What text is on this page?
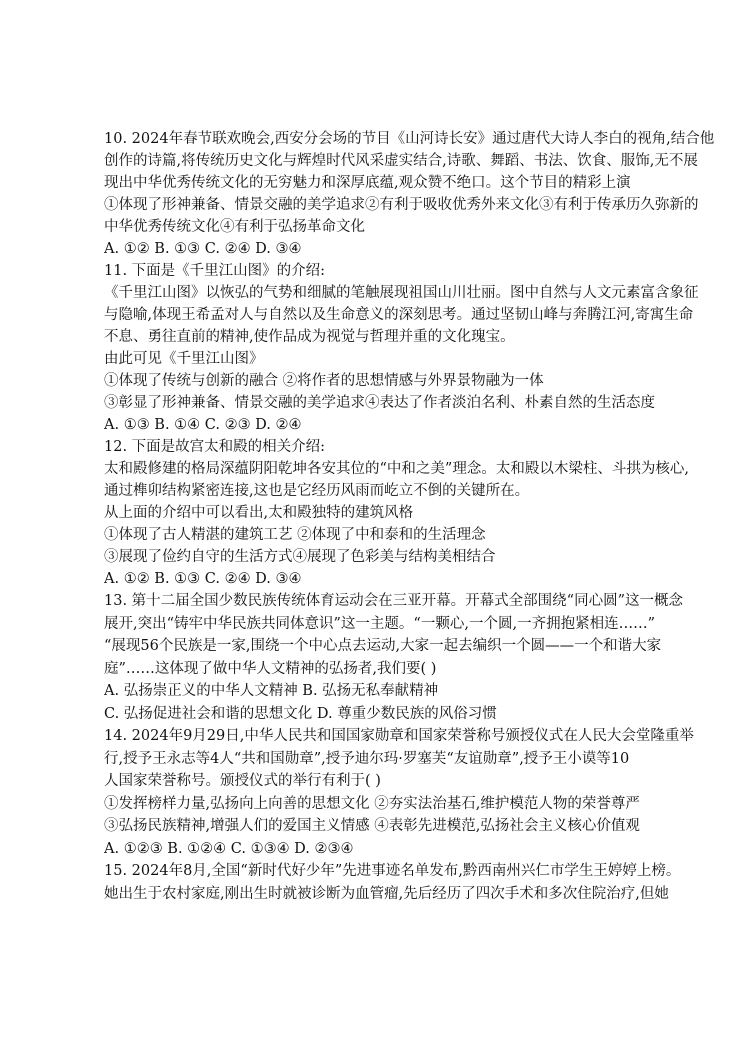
10. 2024年春节联欢晚会,西安分会场的节目《山河诗长安》通过唐代大诗人李白的视角,结合他
创作的诗篇,将传统历史文化与辉煌时代风采虚实结合,诗歌、舞蹈、书法、饮食、服饰,无不展
现出中华优秀传统文化的无穷魅力和深厚底蕴,观众赞不绝口。这个节目的精彩上演
①体现了形神兼备、情景交融的美学追求②有利于吸收优秀外来文化③有利于传承历久弥新的
中华优秀传统文化④有利于弘扬革命文化
A. ①② B. ①③ C. ②④ D. ③④
11. 下面是《千里江山图》的介绍:
《千里江山图》以恢弘的气势和细腻的笔触展现祖国山川壮丽。图中自然与人文元素富含象征
与隐喻,体现王希孟对人与自然以及生命意义的深刻思考。通过坚韧山峰与奔腾江河,寄寓生命
不息、勇往直前的精神,使作品成为视觉与哲理并重的文化瑰宝。
由此可见《千里江山图》
①体现了传统与创新的融合 ②将作者的思想情感与外界景物融为一体
③彰显了形神兼备、情景交融的美学追求④表达了作者淡泊名利、朴素自然的生活态度
A. ①③ B. ①④ C. ②③ D. ②④
12. 下面是故宫太和殿的相关介绍:
太和殿修建的格局深蕴阴阳乾坤各安其位的“中和之美”理念。太和殿以木梁柱、斗拱为核心,
通过榫卯结构紧密连接,这也是它经历风雨而屹立不倒的关键所在。
从上面的介绍中可以看出,太和殿独特的建筑风格
①体现了古人精湛的建筑工艺 ②体现了中和泰和的生活理念
③展现了俭约自守的生活方式④展现了色彩美与结构美相结合
A. ①② B. ①③ C. ②④ D. ③④
13. 第十二届全国少数民族传统体育运动会在三亚开幕。开幕式全部围绕“同心圆”这一概念
展开,突出“铸牢中华民族共同体意识”这一主题。“一颗心,一个圆,一齐拥抱紧相连……”
“展现56个民族是一家,围绕一个中心点去运动,大家一起去编织一个圆——一个和谐大家
庭”……这体现了做中华人文精神的弘扬者,我们要( )
A. 弘扬崇正义的中华人文精神 B. 弘扬无私奉献精神
C. 弘扬促进社会和谐的思想文化 D. 尊重少数民族的风俗习惯
14. 2024年9月29日,中华人民共和国国家勋章和国家荣誉称号颁授仪式在人民大会堂隆重举
行,授予王永志等4人“共和国勋章”,授予迪尔玛·罗塞芙“友谊勋章”,授予王小谟等10
人国家荣誉称号。颁授仪式的举行有利于( )
①发挥榜样力量,弘扬向上向善的思想文化 ②夯实法治基石,维护模范人物的荣誉尊严
③弘扬民族精神,增强人们的爱国主义情感 ④表彰先进模范,弘扬社会主义核心价值观
A. ①②③ B. ①②④ C. ①③④ D. ②③④
15. 2024年8月,全国“新时代好少年”先进事迹名单发布,黔西南州兴仁市学生王婷婷上榜。
她出生于农村家庭,刚出生时就被诊断为血管瘤,先后经历了四次手术和多次住院治疗,但她
